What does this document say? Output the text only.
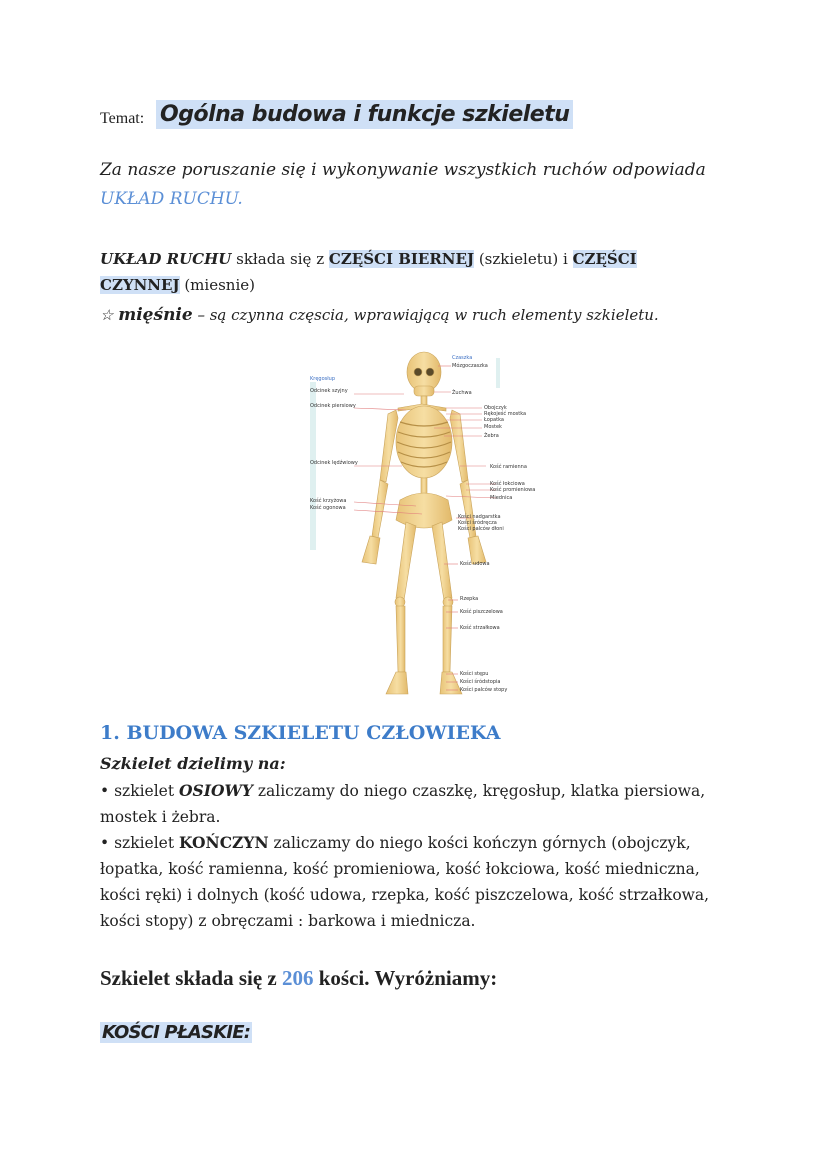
Temat: Ogólna budowa i funkcje szkieletu
Za nasze poruszanie się i wykonywanie wszystkich ruchów odpowiada
UKŁAD RUCHU.
UKŁAD RUCHU składa się z CZĘŚCI BIERNEJ (szkieletu) i CZĘŚCI
CZYNNEJ (miesnie)
☆ mięśnie – są czynna częscia, wprawiającą w ruch elementy szkieletu.
Kręgosłup
Odcinek szyjny
Odcinek piersiowy
Odcinek lędźwiowy
Kość krzyżowa
Kość ogonowa
Czaszka
Mózgoczaszka
Żuchwa
Obojczyk
Rękojeść mostka
Łopatka
Mostek
Żebra
Kość ramienna
Kość łokciowa
Kość promieniowa
Miednica
Kości nadgarstka
Kości śródręcza
Kości palców dłoni
Kość udowa
Rzepka
Kość piszczelowa
Kość strzałkowa
Kości stępu
Kości śródstopia
Kości palców stopy
1. BUDOWA SZKIELETU CZŁOWIEKA
Szkielet dzielimy na:

• szkielet OSIOWY zaliczamy do niego czaszkę, kręgosłup, klatka piersiowa, mostek i żebra.

• szkielet KOŃCZYN zaliczamy do niego kości kończyn górnych (obojczyk, łopatka, kość ramienna, kość promieniowa, kość łokciowa, kość miedniczna, kości ręki) i dolnych (kość udowa, rzepka, kość piszczelowa, kość strzałkowa, kości stopy) z obręczami : barkowa i miednicza.

Szkielet składa się z 206 kości. Wyróżniamy:
KOŚCI PŁASKIE:
